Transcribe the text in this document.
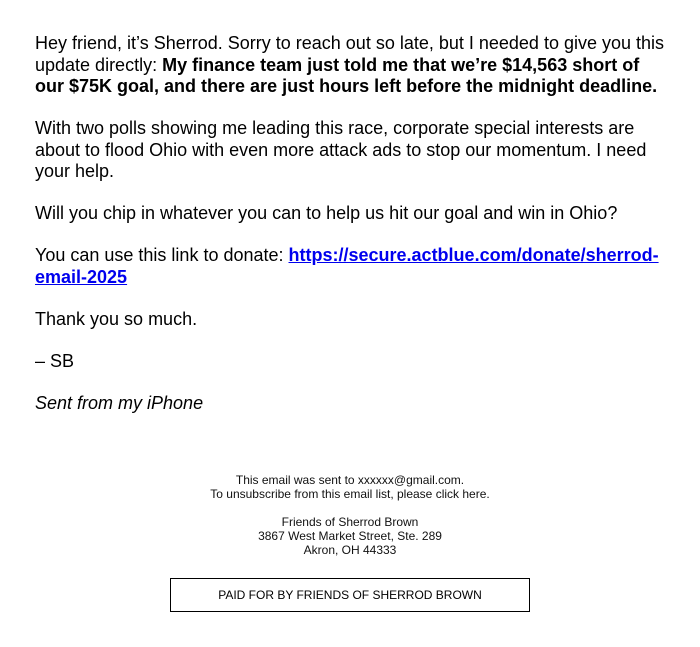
Hey friend, it’s Sherrod. Sorry to reach out so late, but I needed to give you this update directly: My finance team just told me that we’re $14,563 short of our $75K goal, and there are just hours left before the midnight deadline.

With two polls showing me leading this race, corporate special interests are about to flood Ohio with even more attack ads to stop our momentum. I need your help.

Will you chip in whatever you can to help us hit our goal and win in Ohio?

You can use this link to donate: https://secure.actblue.com/donate/sherrod-email-2025

Thank you so much.

– SB

Sent from my iPhone

This email was sent to xxxxxx@gmail.com.
To unsubscribe from this email list, please click here.

Friends of Sherrod Brown
3867 West Market Street, Ste. 289
Akron, OH 44333

PAID FOR BY FRIENDS OF SHERROD BROWN
